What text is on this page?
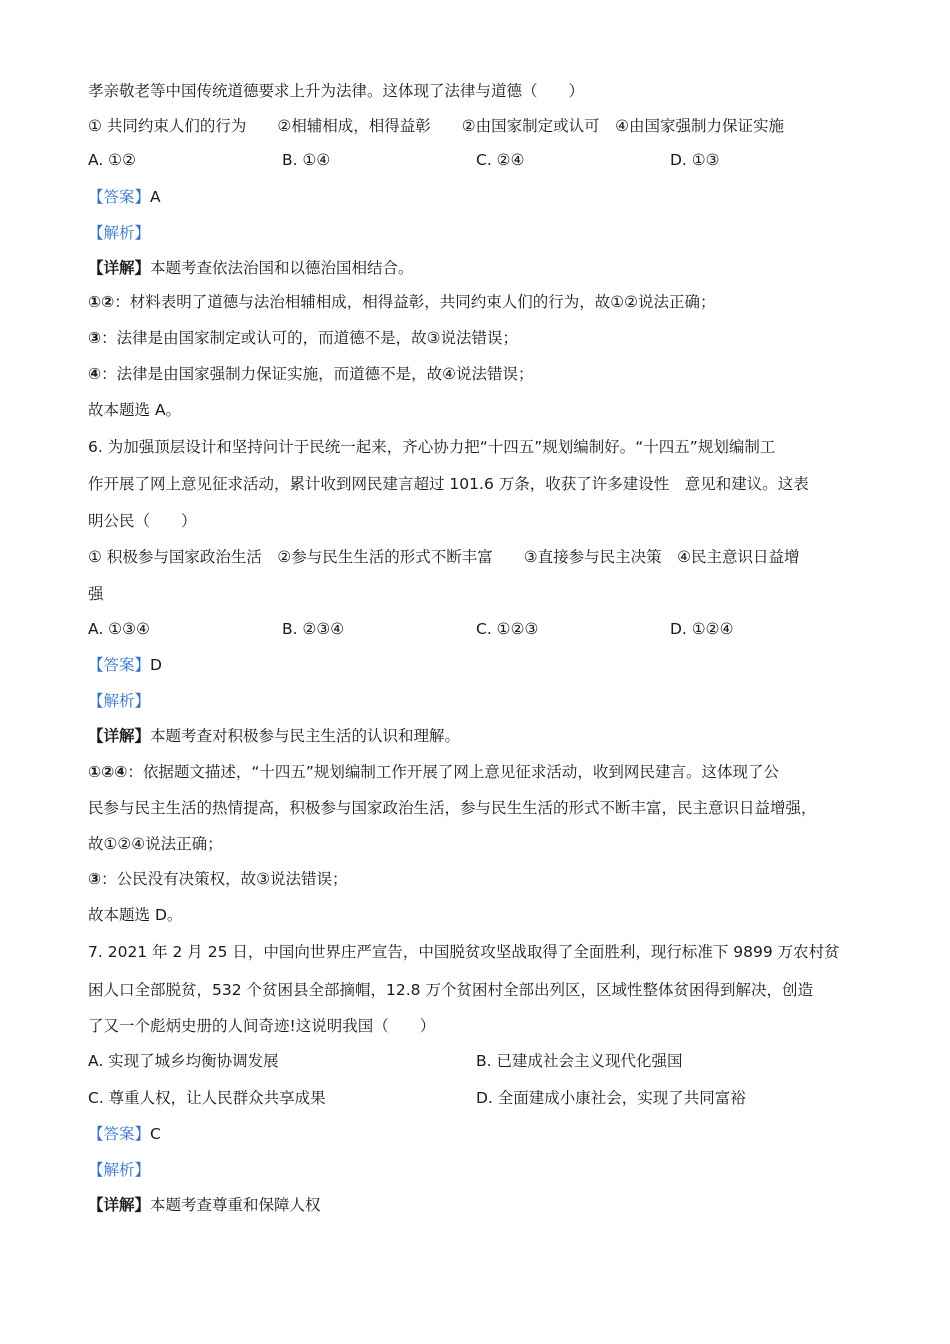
孝亲敬老等中国传统道德要求上升为法律。这体现了法律与道德（　　）
① 共同约束人们的行为　　②相辅相成，相得益彰　　②由国家制定或认可　④由国家强制力保证实施
A. ①②	B. ①④	C. ②④	D. ①③
【答案】A
【解析】
【详解】本题考查依法治国和以德治国相结合。
①②：材料表明了道德与法治相辅相成，相得益彰，共同约束人们的行为，故①②说法正确；
③：法律是由国家制定或认可的，而道德不是，故③说法错误；
④：法律是由国家强制力保证实施，而道德不是，故④说法错误；
故本题选 A。
6. 为加强顶层设计和坚持问计于民统一起来，齐心协力把“十四五”规划编制好。“十四五”规划编制工
作开展了网上意见征求活动，累计收到网民建言超过 101.6 万条，收获了许多建设性　意见和建议。这表
明公民（　　）
① 积极参与国家政治生活　②参与民生生活的形式不断丰富　　③直接参与民主决策　④民主意识日益增
强
A. ①③④	B. ②③④	C. ①②③	D. ①②④
【答案】D
【解析】
【详解】本题考查对积极参与民主生活的认识和理解。
①②④：依据题文描述，“十四五”规划编制工作开展了网上意见征求活动，收到网民建言。这体现了公
民参与民主生活的热情提高，积极参与国家政治生活，参与民生生活的形式不断丰富，民主意识日益增强，
故①②④说法正确；
③：公民没有决策权，故③说法错误；
故本题选 D。
7. 2021 年 2 月 25 日，中国向世界庄严宣告，中国脱贫攻坚战取得了全面胜利，现行标准下 9899 万农村贫
困人口全部脱贫，532 个贫困县全部摘帽，12.8 万个贫困村全部出列区，区域性整体贫困得到解决，创造
了又一个彪炳史册的人间奇迹!这说明我国（　　）
A. 实现了城乡均衡协调发展	B. 已建成社会主义现代化强国
C. 尊重人权，让人民群众共享成果	D. 全面建成小康社会，实现了共同富裕
【答案】C
【解析】
【详解】本题考查尊重和保障人权
